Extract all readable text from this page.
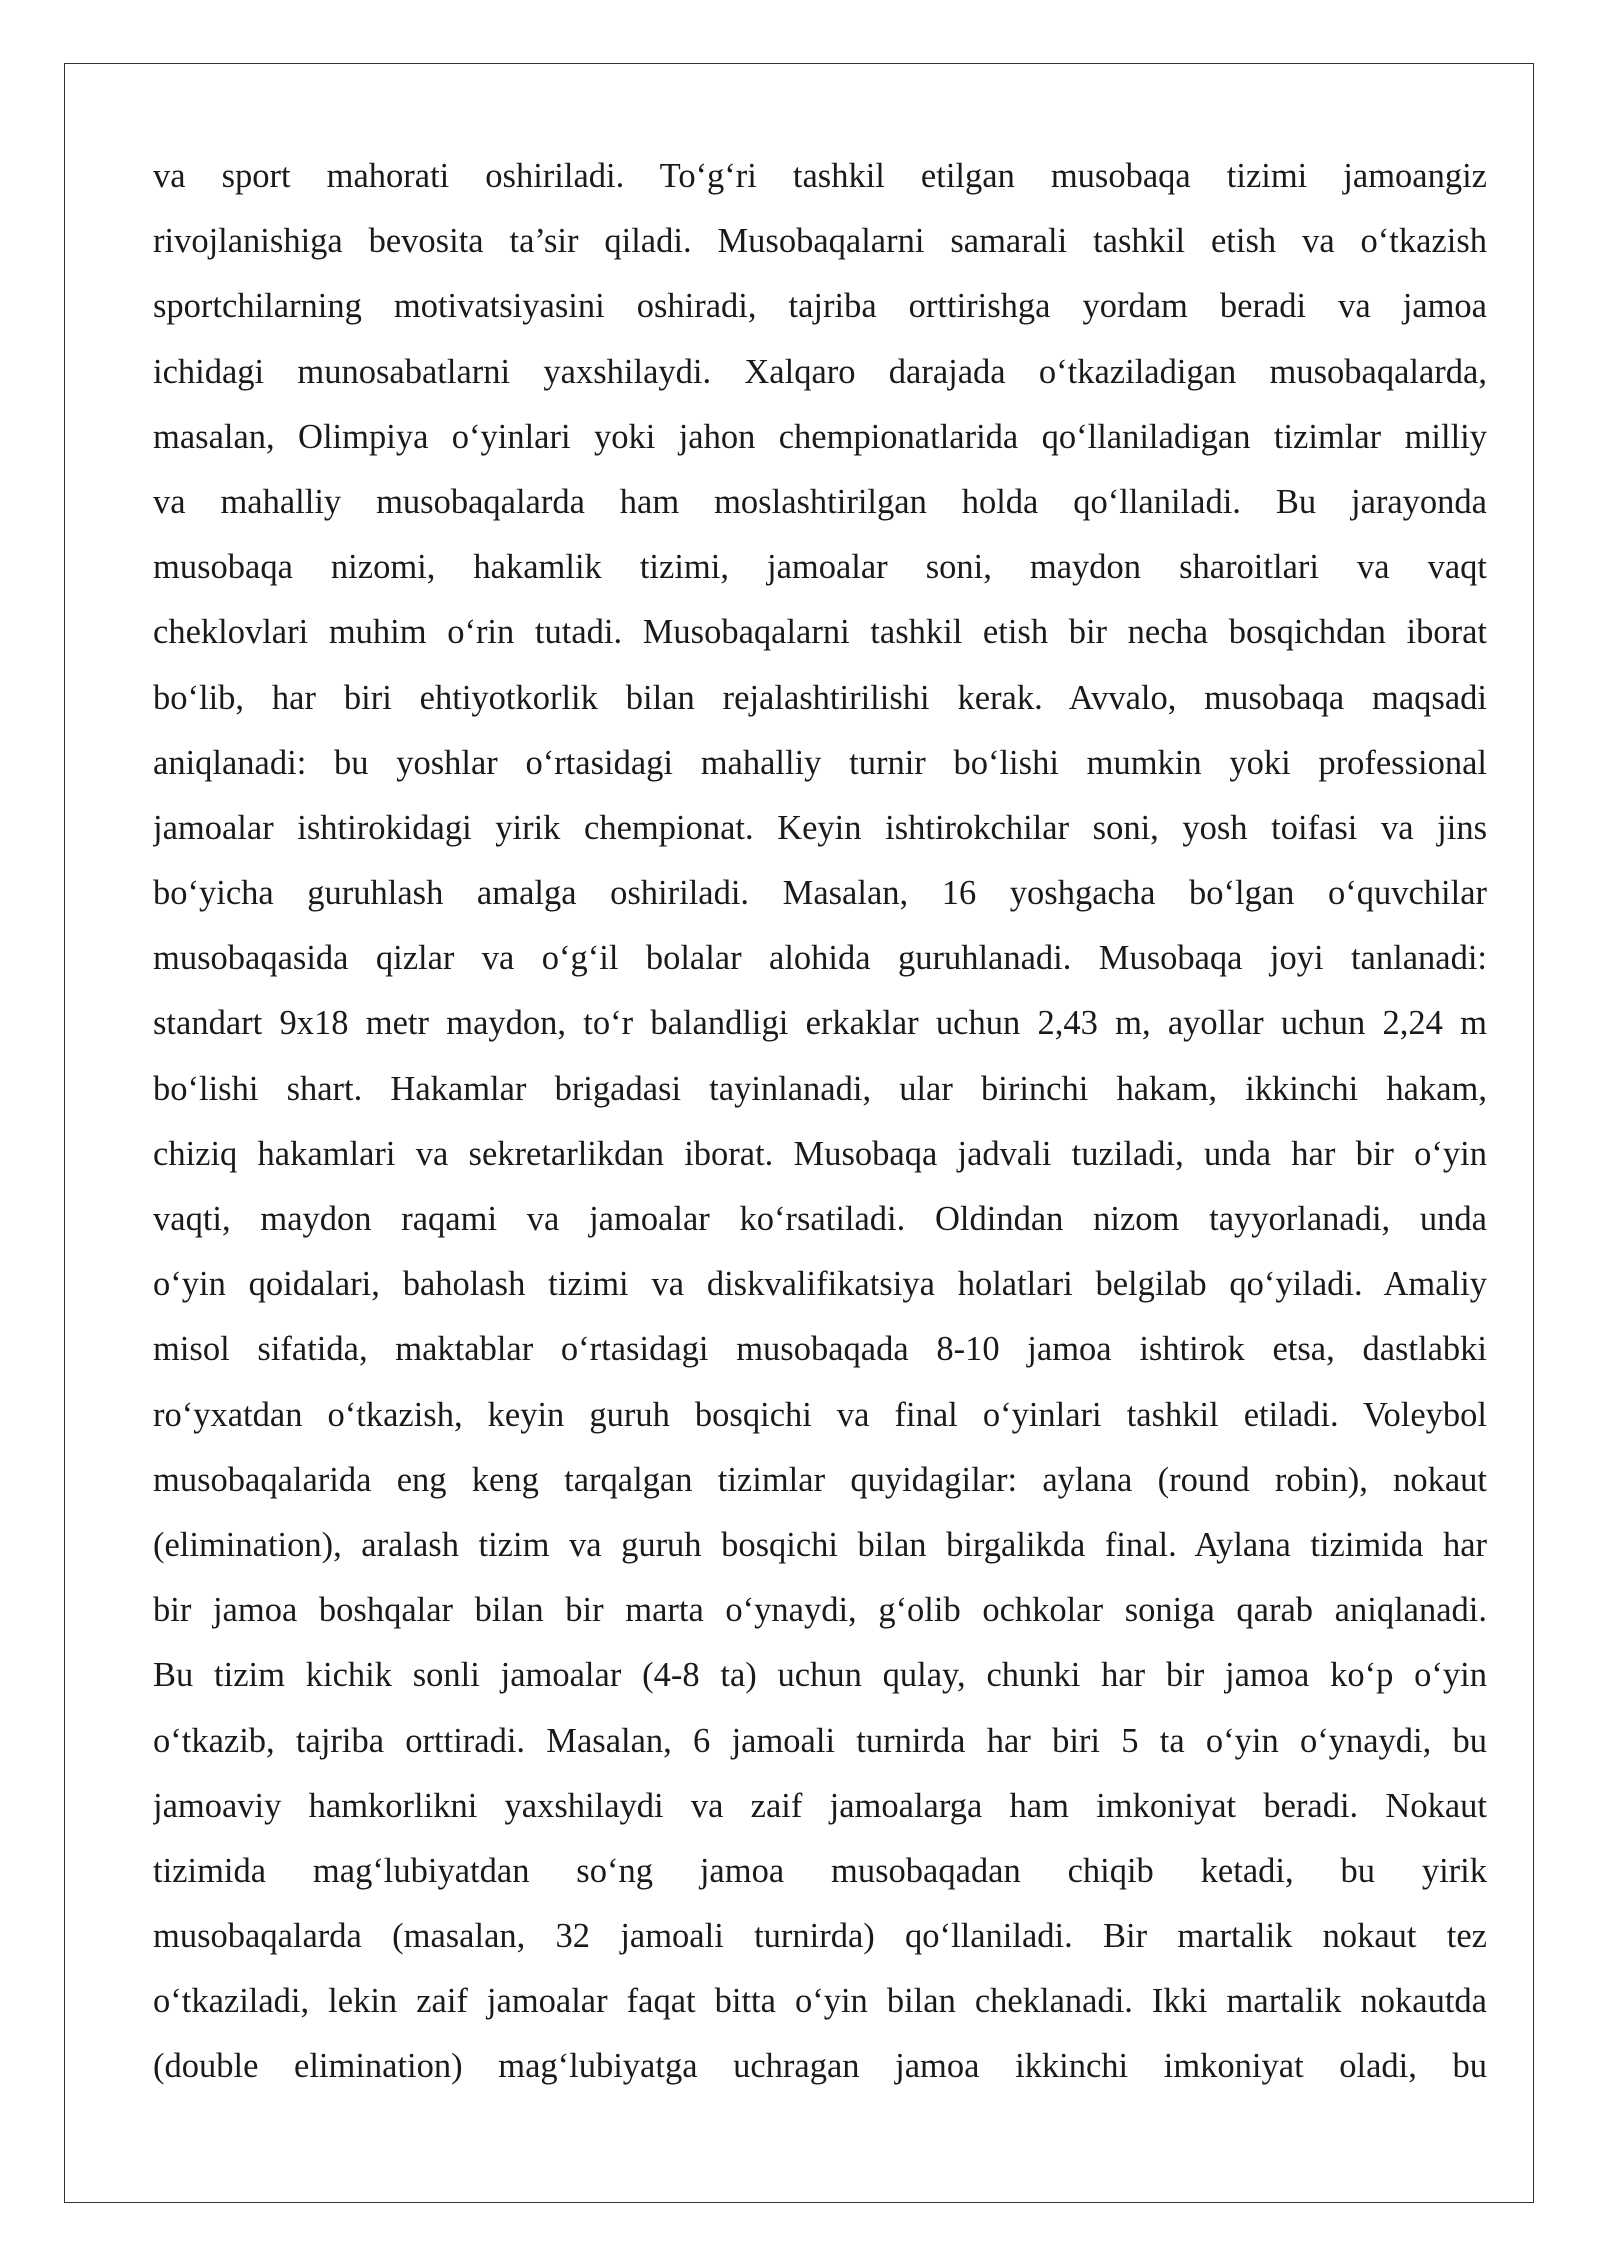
va sport mahorati oshiriladi. To‘g‘ri tashkil etilgan musobaqa tizimi jamoangiz
rivojlanishiga bevosita ta’sir qiladi. Musobaqalarni samarali tashkil etish va o‘tkazish
sportchilarning motivatsiyasini oshiradi, tajriba orttirishga yordam beradi va jamoa
ichidagi munosabatlarni yaxshilaydi. Xalqaro darajada o‘tkaziladigan musobaqalarda,
masalan, Olimpiya o‘yinlari yoki jahon chempionatlarida qo‘llaniladigan tizimlar milliy
va mahalliy musobaqalarda ham moslashtirilgan holda qo‘llaniladi. Bu jarayonda
musobaqa nizomi, hakamlik tizimi, jamoalar soni, maydon sharoitlari va vaqt
cheklovlari muhim o‘rin tutadi. Musobaqalarni tashkil etish bir necha bosqichdan iborat
bo‘lib, har biri ehtiyotkorlik bilan rejalashtirilishi kerak. Avvalo, musobaqa maqsadi
aniqlanadi: bu yoshlar o‘rtasidagi mahalliy turnir bo‘lishi mumkin yoki professional
jamoalar ishtirokidagi yirik chempionat. Keyin ishtirokchilar soni, yosh toifasi va jins
bo‘yicha guruhlash amalga oshiriladi. Masalan, 16 yoshgacha bo‘lgan o‘quvchilar
musobaqasida qizlar va o‘g‘il bolalar alohida guruhlanadi. Musobaqa joyi tanlanadi:
standart 9x18 metr maydon, to‘r balandligi erkaklar uchun 2,43 m, ayollar uchun 2,24 m
bo‘lishi shart. Hakamlar brigadasi tayinlanadi, ular birinchi hakam, ikkinchi hakam,
chiziq hakamlari va sekretarlikdan iborat. Musobaqa jadvali tuziladi, unda har bir o‘yin
vaqti, maydon raqami va jamoalar ko‘rsatiladi. Oldindan nizom tayyorlanadi, unda
o‘yin qoidalari, baholash tizimi va diskvalifikatsiya holatlari belgilab qo‘yiladi. Amaliy
misol sifatida, maktablar o‘rtasidagi musobaqada 8-10 jamoa ishtirok etsa, dastlabki
ro‘yxatdan o‘tkazish, keyin guruh bosqichi va final o‘yinlari tashkil etiladi. Voleybol
musobaqalarida eng keng tarqalgan tizimlar quyidagilar: aylana (round robin), nokaut
(elimination), aralash tizim va guruh bosqichi bilan birgalikda final. Aylana tizimida har
bir jamoa boshqalar bilan bir marta o‘ynaydi, g‘olib ochkolar soniga qarab aniqlanadi.
Bu tizim kichik sonli jamoalar (4-8 ta) uchun qulay, chunki har bir jamoa ko‘p o‘yin
o‘tkazib, tajriba orttiradi. Masalan, 6 jamoali turnirda har biri 5 ta o‘yin o‘ynaydi, bu
jamoaviy hamkorlikni yaxshilaydi va zaif jamoalarga ham imkoniyat beradi. Nokaut
tizimida mag‘lubiyatdan so‘ng jamoa musobaqadan chiqib ketadi, bu yirik
musobaqalarda (masalan, 32 jamoali turnirda) qo‘llaniladi. Bir martalik nokaut tez
o‘tkaziladi, lekin zaif jamoalar faqat bitta o‘yin bilan cheklanadi. Ikki martalik nokautda
(double elimination) mag‘lubiyatga uchragan jamoa ikkinchi imkoniyat oladi, bu
